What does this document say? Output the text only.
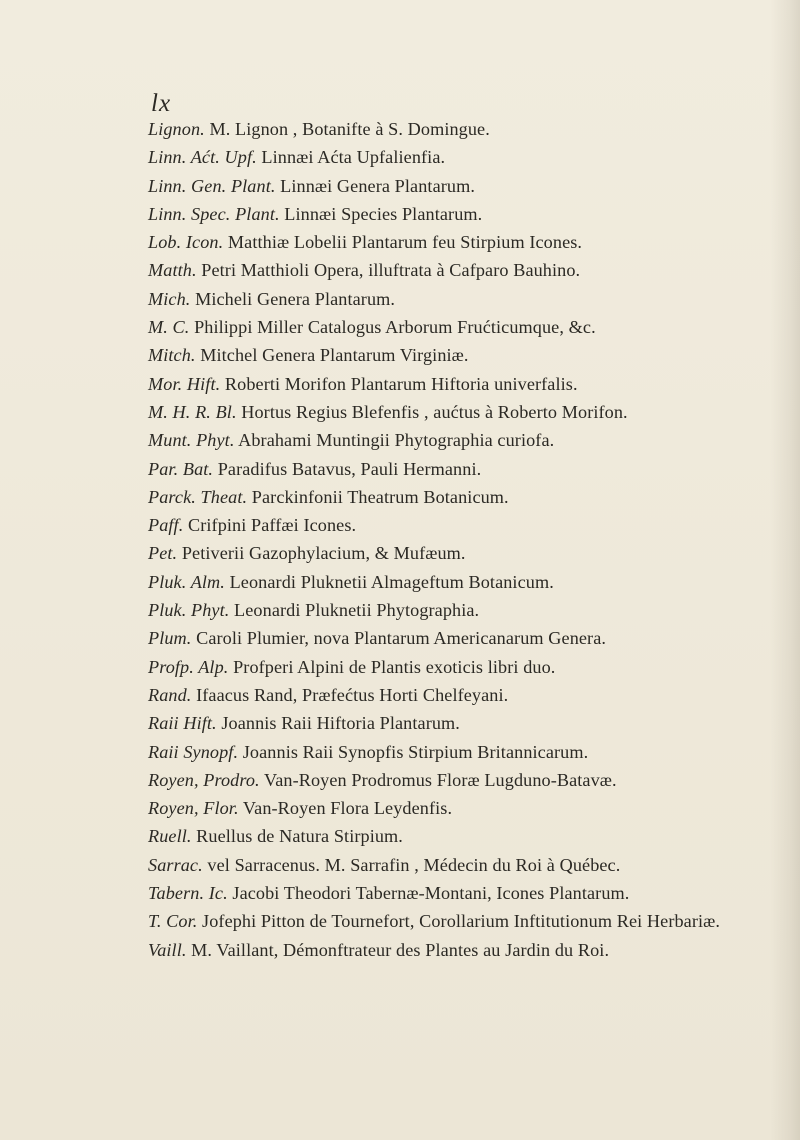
lx
Lignon. M. Lignon , Botanifte à S. Domingue.
Linn. Aćt. Upf. Linnæi Aćta Upfalienfia.
Linn. Gen. Plant. Linnæi Genera Plantarum.
Linn. Spec. Plant. Linnæi Species Plantarum.
Lob. Icon. Matthiæ Lobelii Plantarum feu Stirpium Icones.
Matth. Petri Matthioli Opera, illuftrata à Cafparo Bauhino.
Mich. Micheli Genera Plantarum.
M. C. Philippi Miller Catalogus Arborum Frućticumque, &c.
Mitch. Mitchel Genera Plantarum Virginiæ.
Mor. Hift. Roberti Morifon Plantarum Hiftoria univerfalis.
M. H. R. Bl. Hortus Regius Blefenfis , aućtus à Roberto Morifon.
Munt. Phyt. Abrahami Muntingii Phytographia curiofa.
Par. Bat. Paradifus Batavus, Pauli Hermanni.
Parck. Theat. Parckinfonii Theatrum Botanicum.
Paff. Crifpini Paffæi Icones.
Pet. Petiverii Gazophylacium, & Mufæum.
Pluk. Alm. Leonardi Pluknetii Almageftum Botanicum.
Pluk. Phyt. Leonardi Pluknetii Phytographia.
Plum. Caroli Plumier, nova Plantarum Americanarum Genera.
Profp. Alp. Profperi Alpini de Plantis exoticis libri duo.
Rand. Ifaacus Rand, Præfećtus Horti Chelfeyani.
Raii Hift. Joannis Raii Hiftoria Plantarum.
Raii Synopf. Joannis Raii Synopfis Stirpium Britannicarum.
Royen, Prodro. Van-Royen Prodromus Floræ Lugduno-Batavæ.
Royen, Flor. Van-Royen Flora Leydenfis.
Ruell. Ruellus de Natura Stirpium.
Sarrac. vel Sarracenus. M. Sarrafin , Médecin du Roi à Québec.
Tabern. Ic. Jacobi Theodori Tabernæ-Montani, Icones Plantarum.
T. Cor. Jofephi Pitton de Tournefort, Corollarium Inftitutionum Rei Herbariæ.
Vaill. M. Vaillant, Démonftrateur des Plantes au Jardin du Roi.
